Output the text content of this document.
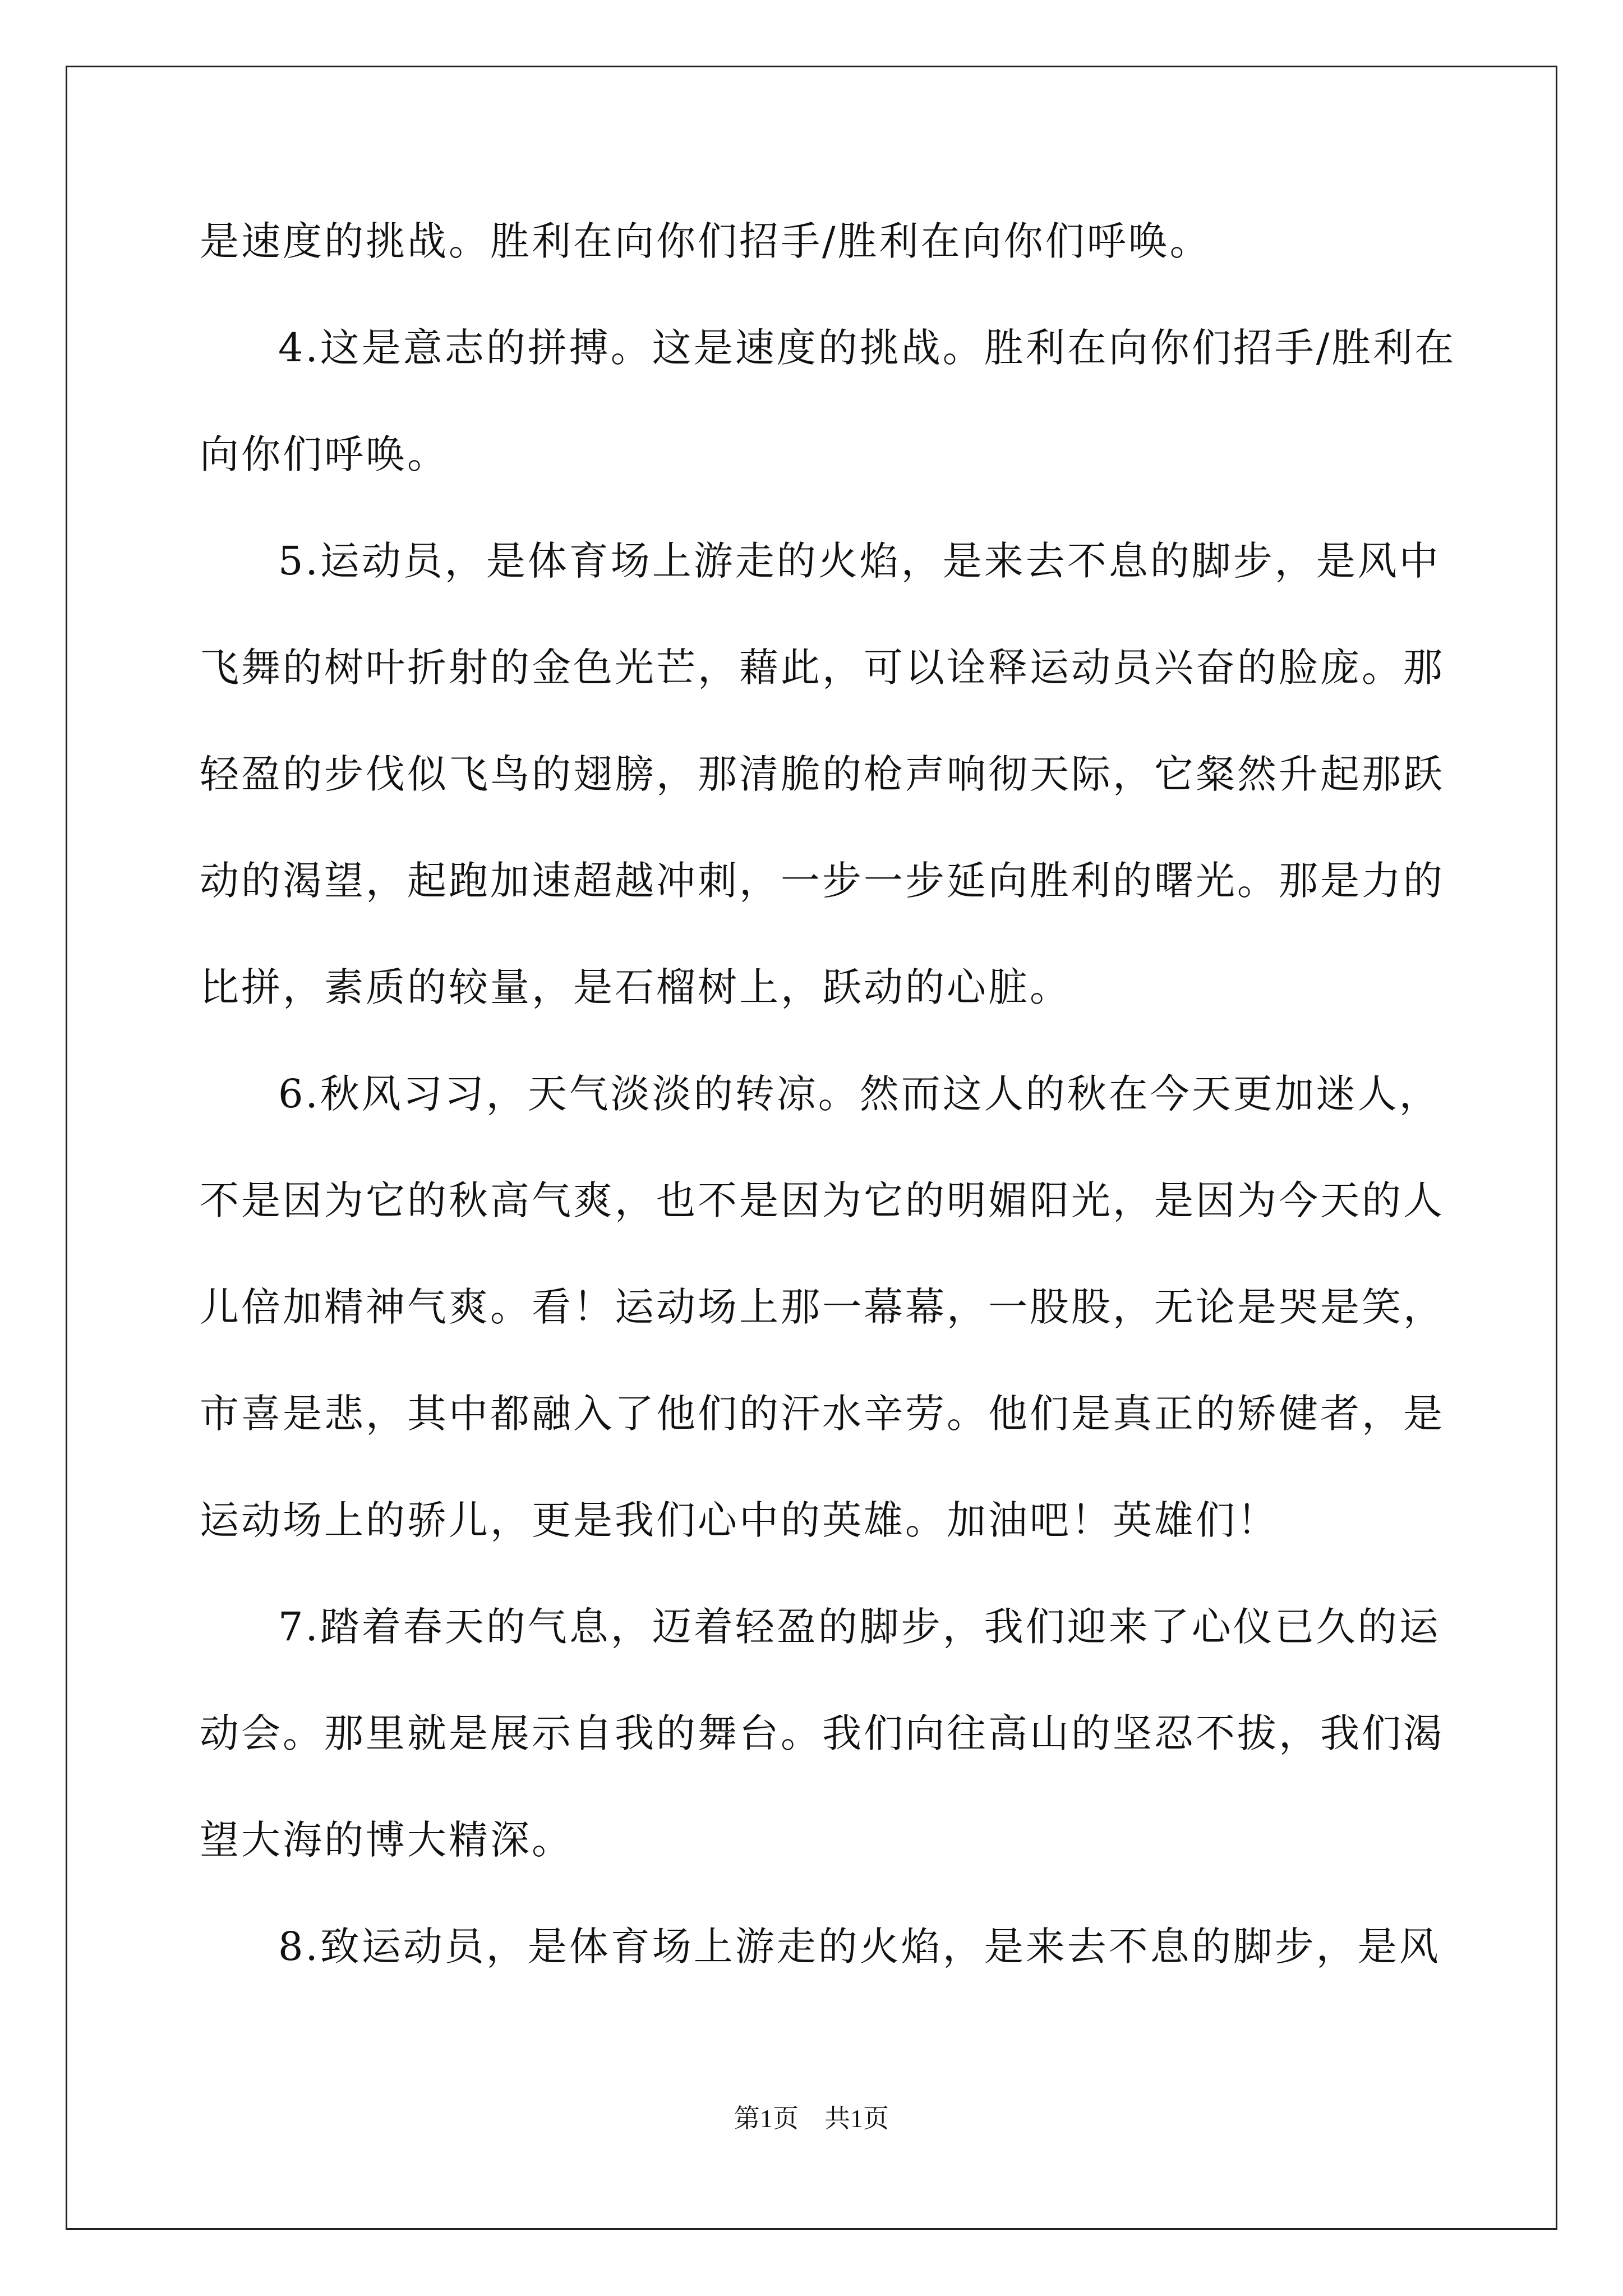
是速度的挑战。胜利在向你们招手/胜利在向你们呼唤。
4.这是意志的拼搏。这是速度的挑战。胜利在向你们招手/胜利在
向你们呼唤。
5.运动员，是体育场上游走的火焰，是来去不息的脚步，是风中
飞舞的树叶折射的金色光芒，藉此，可以诠释运动员兴奋的脸庞。那
轻盈的步伐似飞鸟的翅膀，那清脆的枪声响彻天际，它粲然升起那跃
动的渴望，起跑加速超越冲刺，一步一步延向胜利的曙光。那是力的
比拼，素质的较量，是石榴树上，跃动的心脏。
6.秋风习习，天气淡淡的转凉。然而这人的秋在今天更加迷人，
不是因为它的秋高气爽，也不是因为它的明媚阳光，是因为今天的人
儿倍加精神气爽。看！运动场上那一幕幕，一股股，无论是哭是笑，
市喜是悲，其中都融入了他们的汗水辛劳。他们是真正的矫健者，是
运动场上的骄儿，更是我们心中的英雄。加油吧！英雄们！
7.踏着春天的气息，迈着轻盈的脚步，我们迎来了心仪已久的运
动会。那里就是展示自我的舞台。我们向往高山的坚忍不拔，我们渴
望大海的博大精深。
8.致运动员，是体育场上游走的火焰，是来去不息的脚步，是风
第1页　共1页
